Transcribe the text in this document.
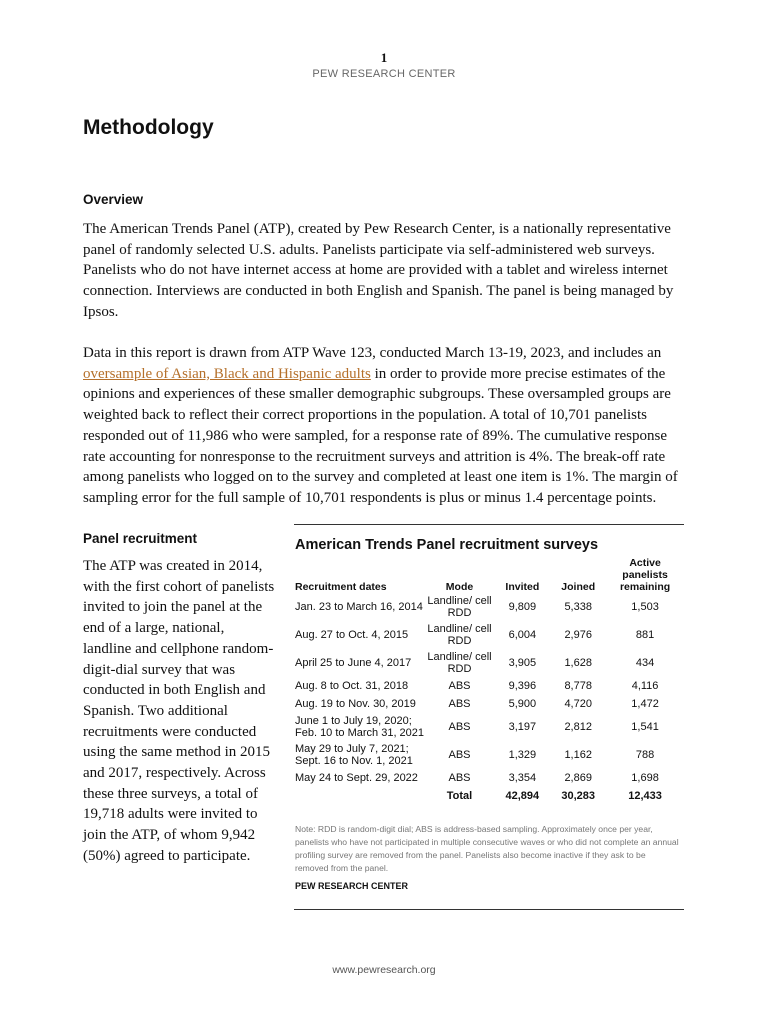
1
PEW RESEARCH CENTER
Methodology
Overview

The American Trends Panel (ATP), created by Pew Research Center, is a nationally representative panel of randomly selected U.S. adults. Panelists participate via self-administered web surveys. Panelists who do not have internet access at home are provided with a tablet and wireless internet connection. Interviews are conducted in both English and Spanish. The panel is being managed by Ipsos.

Data in this report is drawn from ATP Wave 123, conducted March 13-19, 2023, and includes an oversample of Asian, Black and Hispanic adults in order to provide more precise estimates of the opinions and experiences of these smaller demographic subgroups. These oversampled groups are weighted back to reflect their correct proportions in the population. A total of 10,701 panelists responded out of 11,986 who were sampled, for a response rate of 89%. The cumulative response rate accounting for nonresponse to the recruitment surveys and attrition is 4%. The break-off rate among panelists who logged on to the survey and completed at least one item is 1%. The margin of sampling error for the full sample of 10,701 respondents is plus or minus 1.4 percentage points.

Panel recruitment

The ATP was created in 2014, with the first cohort of panelists invited to join the panel at the end of a large, national, landline and cellphone random-digit-dial survey that was conducted in both English and Spanish. Two additional recruitments were conducted using the same method in 2015 and 2017, respectively. Across these three surveys, a total of 19,718 adults were invited to join the ATP, of whom 9,942 (50%) agreed to participate.

American Trends Panel recruitment surveys
Recruitment dates	Mode	Invited	Joined	Active panelists remaining
Jan. 23 to March 16, 2014	Landline/ cell RDD	9,809	5,338	1,503
Aug. 27 to Oct. 4, 2015	Landline/ cell RDD	6,004	2,976	881
April 25 to June 4, 2017	Landline/ cell RDD	3,905	1,628	434
Aug. 8 to Oct. 31, 2018	ABS	9,396	8,778	4,116
Aug. 19 to Nov. 30, 2019	ABS	5,900	4,720	1,472
June 1 to July 19, 2020; Feb. 10 to March 31, 2021	ABS	3,197	2,812	1,541
May 29 to July 7, 2021; Sept. 16 to Nov. 1, 2021	ABS	1,329	1,162	788
May 24 to Sept. 29, 2022	ABS	3,354	2,869	1,698
	Total	42,894	30,283	12,433

Note: RDD is random-digit dial; ABS is address-based sampling. Approximately once per year, panelists who have not participated in multiple consecutive waves or who did not complete an annual profiling survey are removed from the panel. Panelists also become inactive if they ask to be removed from the panel.

PEW RESEARCH CENTER

www.pewresearch.org
